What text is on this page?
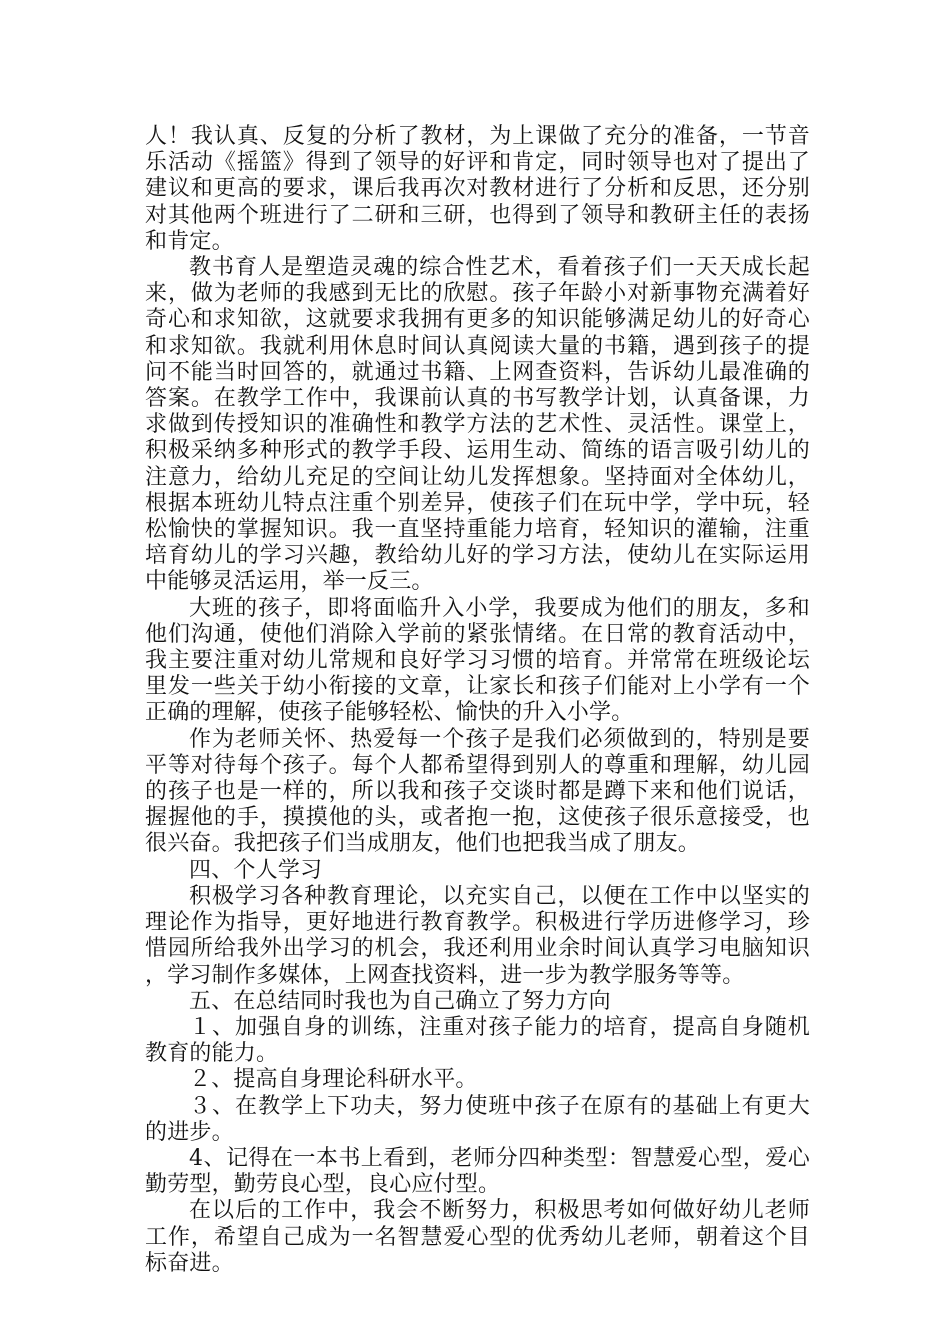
人！我认真、反复的分析了教材，为上课做了充分的准备，一节音乐活动《摇篮》得到了领导的好评和肯定，同时领导也对了提出了建议和更高的要求，课后我再次对教材进行了分析和反思，还分别对其他两个班进行了二研和三研，也得到了领导和教研主任的表扬和肯定。

教书育人是塑造灵魂的综合性艺术，看着孩子们一天天成长起来，做为老师的我感到无比的欣慰。孩子年龄小对新事物充满着好奇心和求知欲，这就要求我拥有更多的知识能够满足幼儿的好奇心和求知欲。我就利用休息时间认真阅读大量的书籍，遇到孩子的提问不能当时回答的，就通过书籍、上网查资料，告诉幼儿最准确的答案。在教学工作中，我课前认真的书写教学计划，认真备课，力求做到传授知识的准确性和教学方法的艺术性、灵活性。课堂上，积极采纳多种形式的教学手段、运用生动、简练的语言吸引幼儿的注意力，给幼儿充足的空间让幼儿发挥想象。坚持面对全体幼儿，根据本班幼儿特点注重个别差异，使孩子们在玩中学，学中玩，轻松愉快的掌握知识。我一直坚持重能力培育，轻知识的灌输，注重培育幼儿的学习兴趣，教给幼儿好的学习方法，使幼儿在实际运用中能够灵活运用，举一反三。

大班的孩子，即将面临升入小学，我要成为他们的朋友，多和他们沟通，使他们消除入学前的紧张情绪。在日常的教育活动中，我主要注重对幼儿常规和良好学习习惯的培育。并常常在班级论坛里发一些关于幼小衔接的文章，让家长和孩子们能对上小学有一个正确的理解，使孩子能够轻松、愉快的升入小学。

作为老师关怀、热爱每一个孩子是我们必须做到的，特别是要平等对待每个孩子。每个人都希望得到别人的尊重和理解，幼儿园的孩子也是一样的，所以我和孩子交谈时都是蹲下来和他们说话，握握他的手，摸摸他的头，或者抱一抱，这使孩子很乐意接受，也很兴奋。我把孩子们当成朋友，他们也把我当成了朋友。

四、个人学习

积极学习各种教育理论，以充实自己，以便在工作中以坚实的理论作为指导，更好地进行教育教学。积极进行学历进修学习，珍惜园所给我外出学习的机会，我还利用业余时间认真学习电脑知识，学习制作多媒体，上网查找资料，进一步为教学服务等等。

五、在总结同时我也为自己确立了努力方向

１、加强自身的训练，注重对孩子能力的培育，提高自身随机教育的能力。

２、提高自身理论科研水平。

３、在教学上下功夫，努力使班中孩子在原有的基础上有更大的进步。

4、记得在一本书上看到，老师分四种类型：智慧爱心型，爱心勤劳型，勤劳良心型，良心应付型。

在以后的工作中，我会不断努力，积极思考如何做好幼儿老师工作，希望自己成为一名智慧爱心型的优秀幼儿老师，朝着这个目标奋进。
